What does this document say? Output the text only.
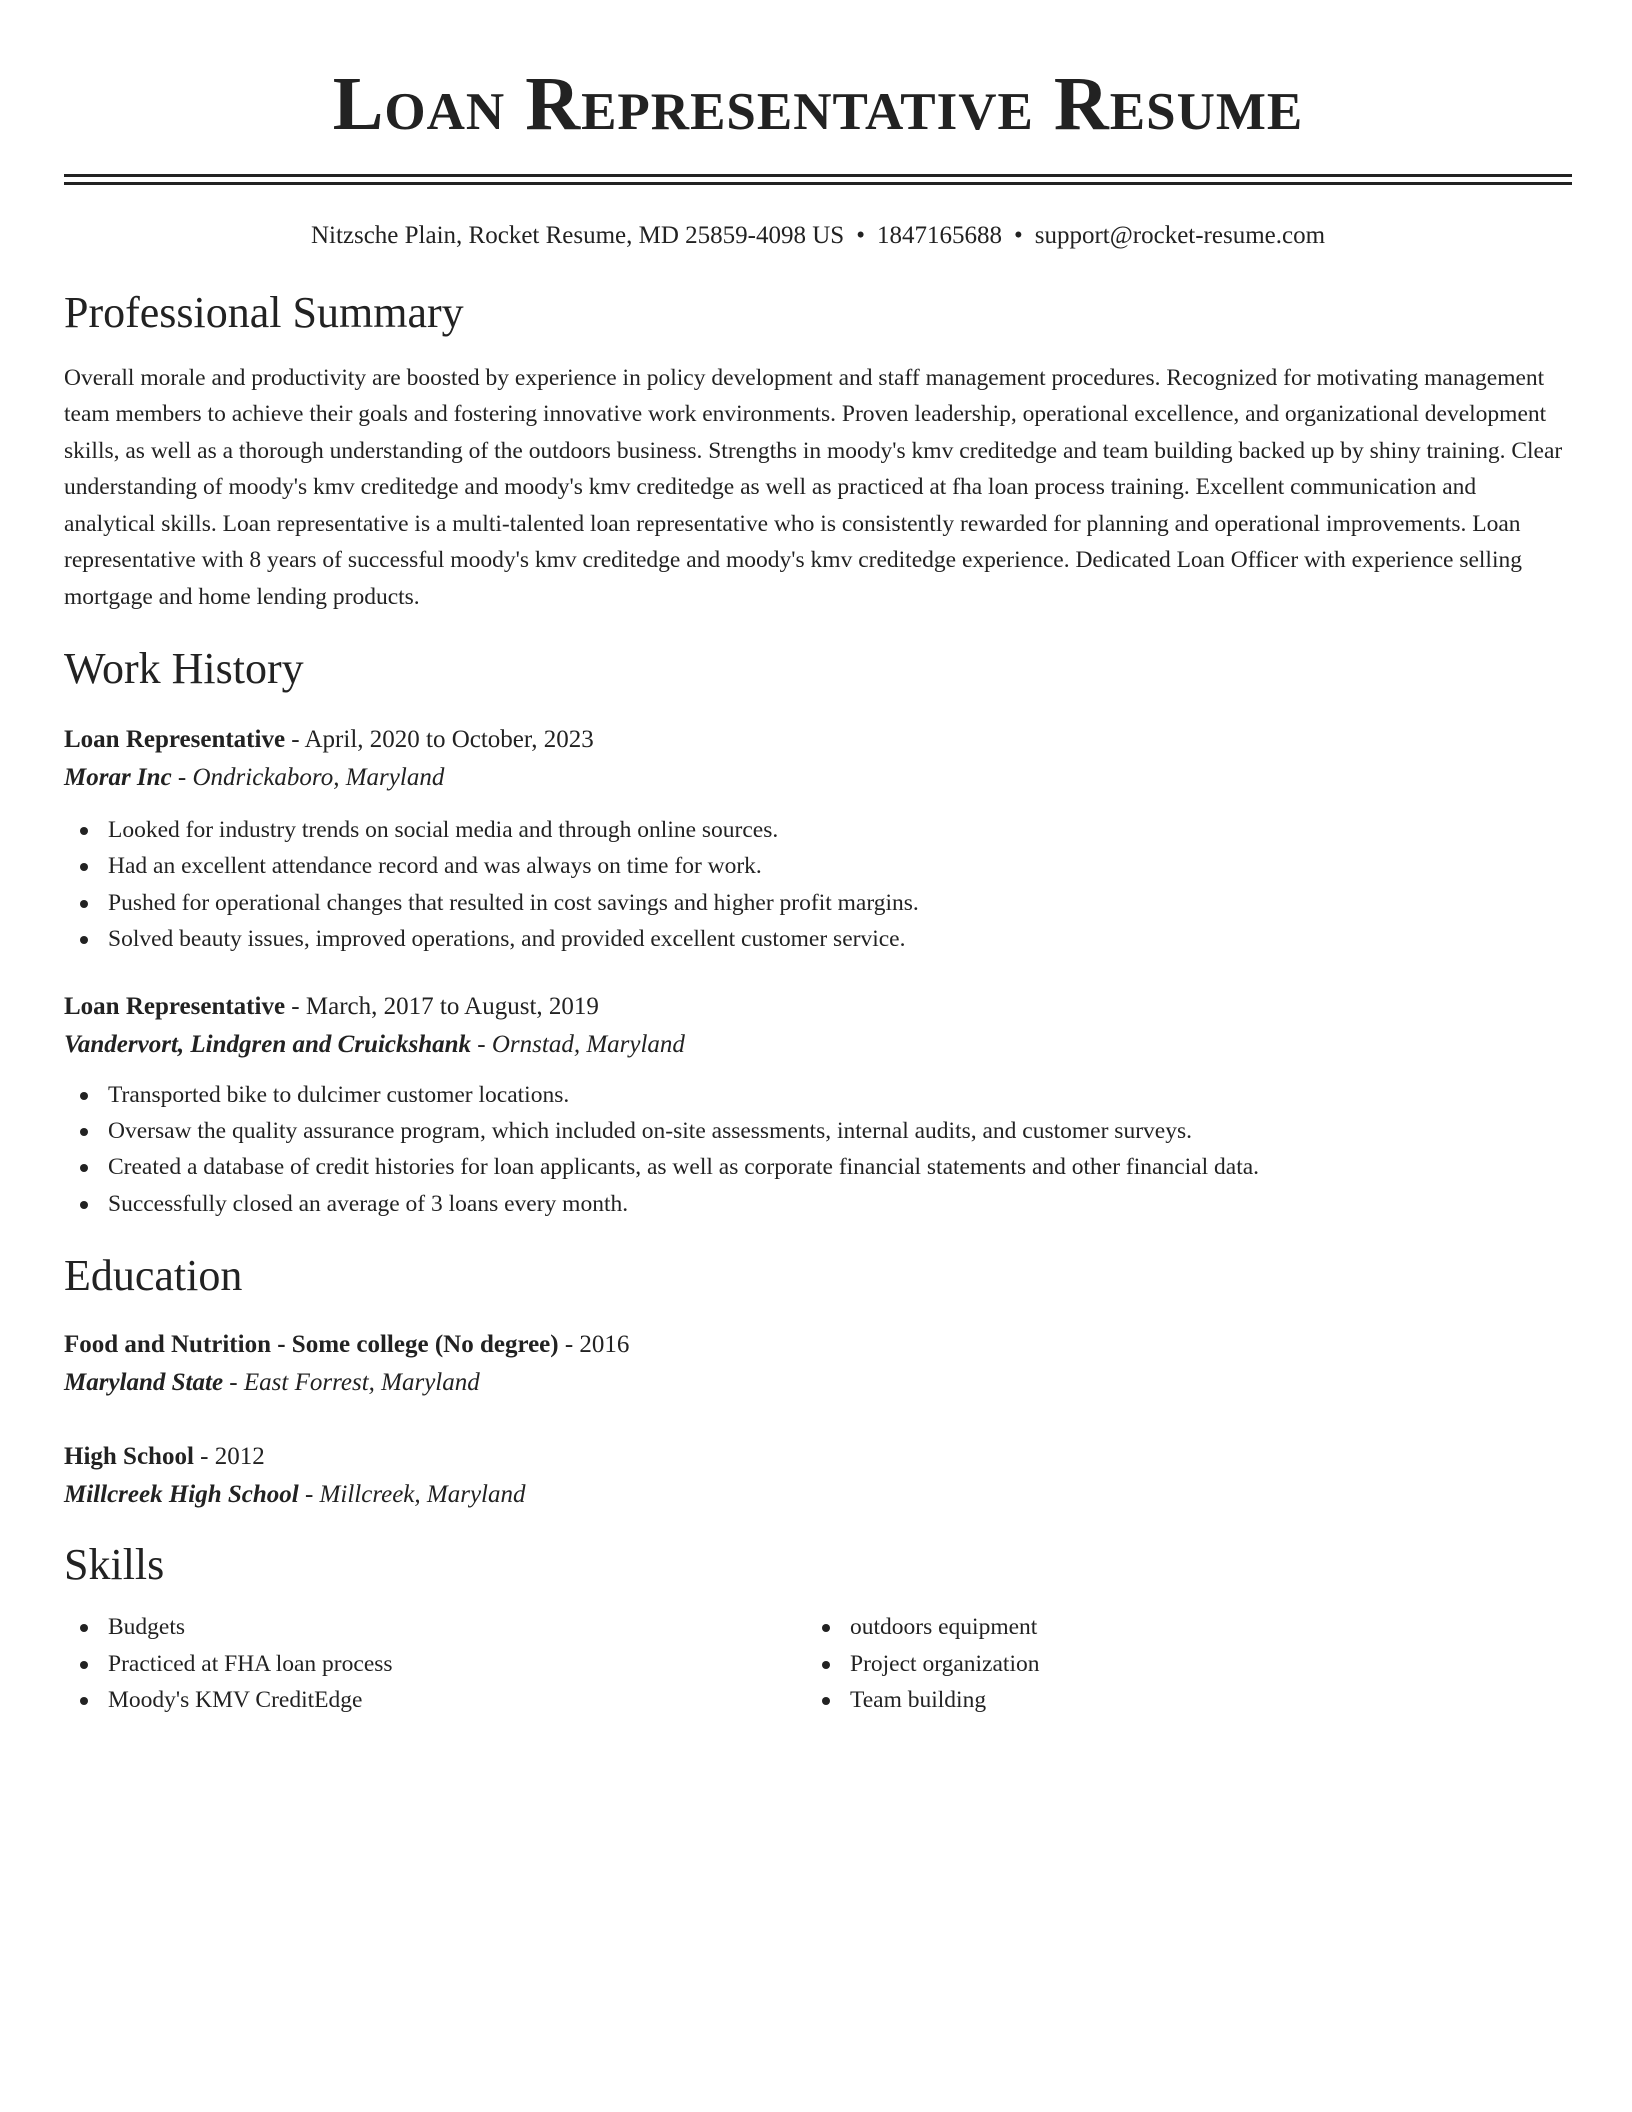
Loan Representative Resume
Nitzsche Plain, Rocket Resume, MD 25859-4098 US • 1847165688 • support@rocket-resume.com
Professional Summary
Overall morale and productivity are boosted by experience in policy development and staff management procedures. Recognized for motivating management team members to achieve their goals and fostering innovative work environments. Proven leadership, operational excellence, and organizational development skills, as well as a thorough understanding of the outdoors business. Strengths in moody's kmv creditedge and team building backed up by shiny training. Clear understanding of moody's kmv creditedge and moody's kmv creditedge as well as practiced at fha loan process training. Excellent communication and analytical skills. Loan representative is a multi-talented loan representative who is consistently rewarded for planning and operational improvements. Loan representative with 8 years of successful moody's kmv creditedge and moody's kmv creditedge experience. Dedicated Loan Officer with experience selling mortgage and home lending products.
Work History
Loan Representative - April, 2020 to October, 2023
Morar Inc - Ondrickaboro, Maryland
Looked for industry trends on social media and through online sources.
Had an excellent attendance record and was always on time for work.
Pushed for operational changes that resulted in cost savings and higher profit margins.
Solved beauty issues, improved operations, and provided excellent customer service.
Loan Representative - March, 2017 to August, 2019
Vandervort, Lindgren and Cruickshank - Ornstad, Maryland
Transported bike to dulcimer customer locations.
Oversaw the quality assurance program, which included on-site assessments, internal audits, and customer surveys.
Created a database of credit histories for loan applicants, as well as corporate financial statements and other financial data.
Successfully closed an average of 3 loans every month.
Education
Food and Nutrition - Some college (No degree) - 2016
Maryland State - East Forrest, Maryland
High School - 2012
Millcreek High School - Millcreek, Maryland
Skills
Budgets
Practiced at FHA loan process
Moody's KMV CreditEdge
outdoors equipment
Project organization
Team building
